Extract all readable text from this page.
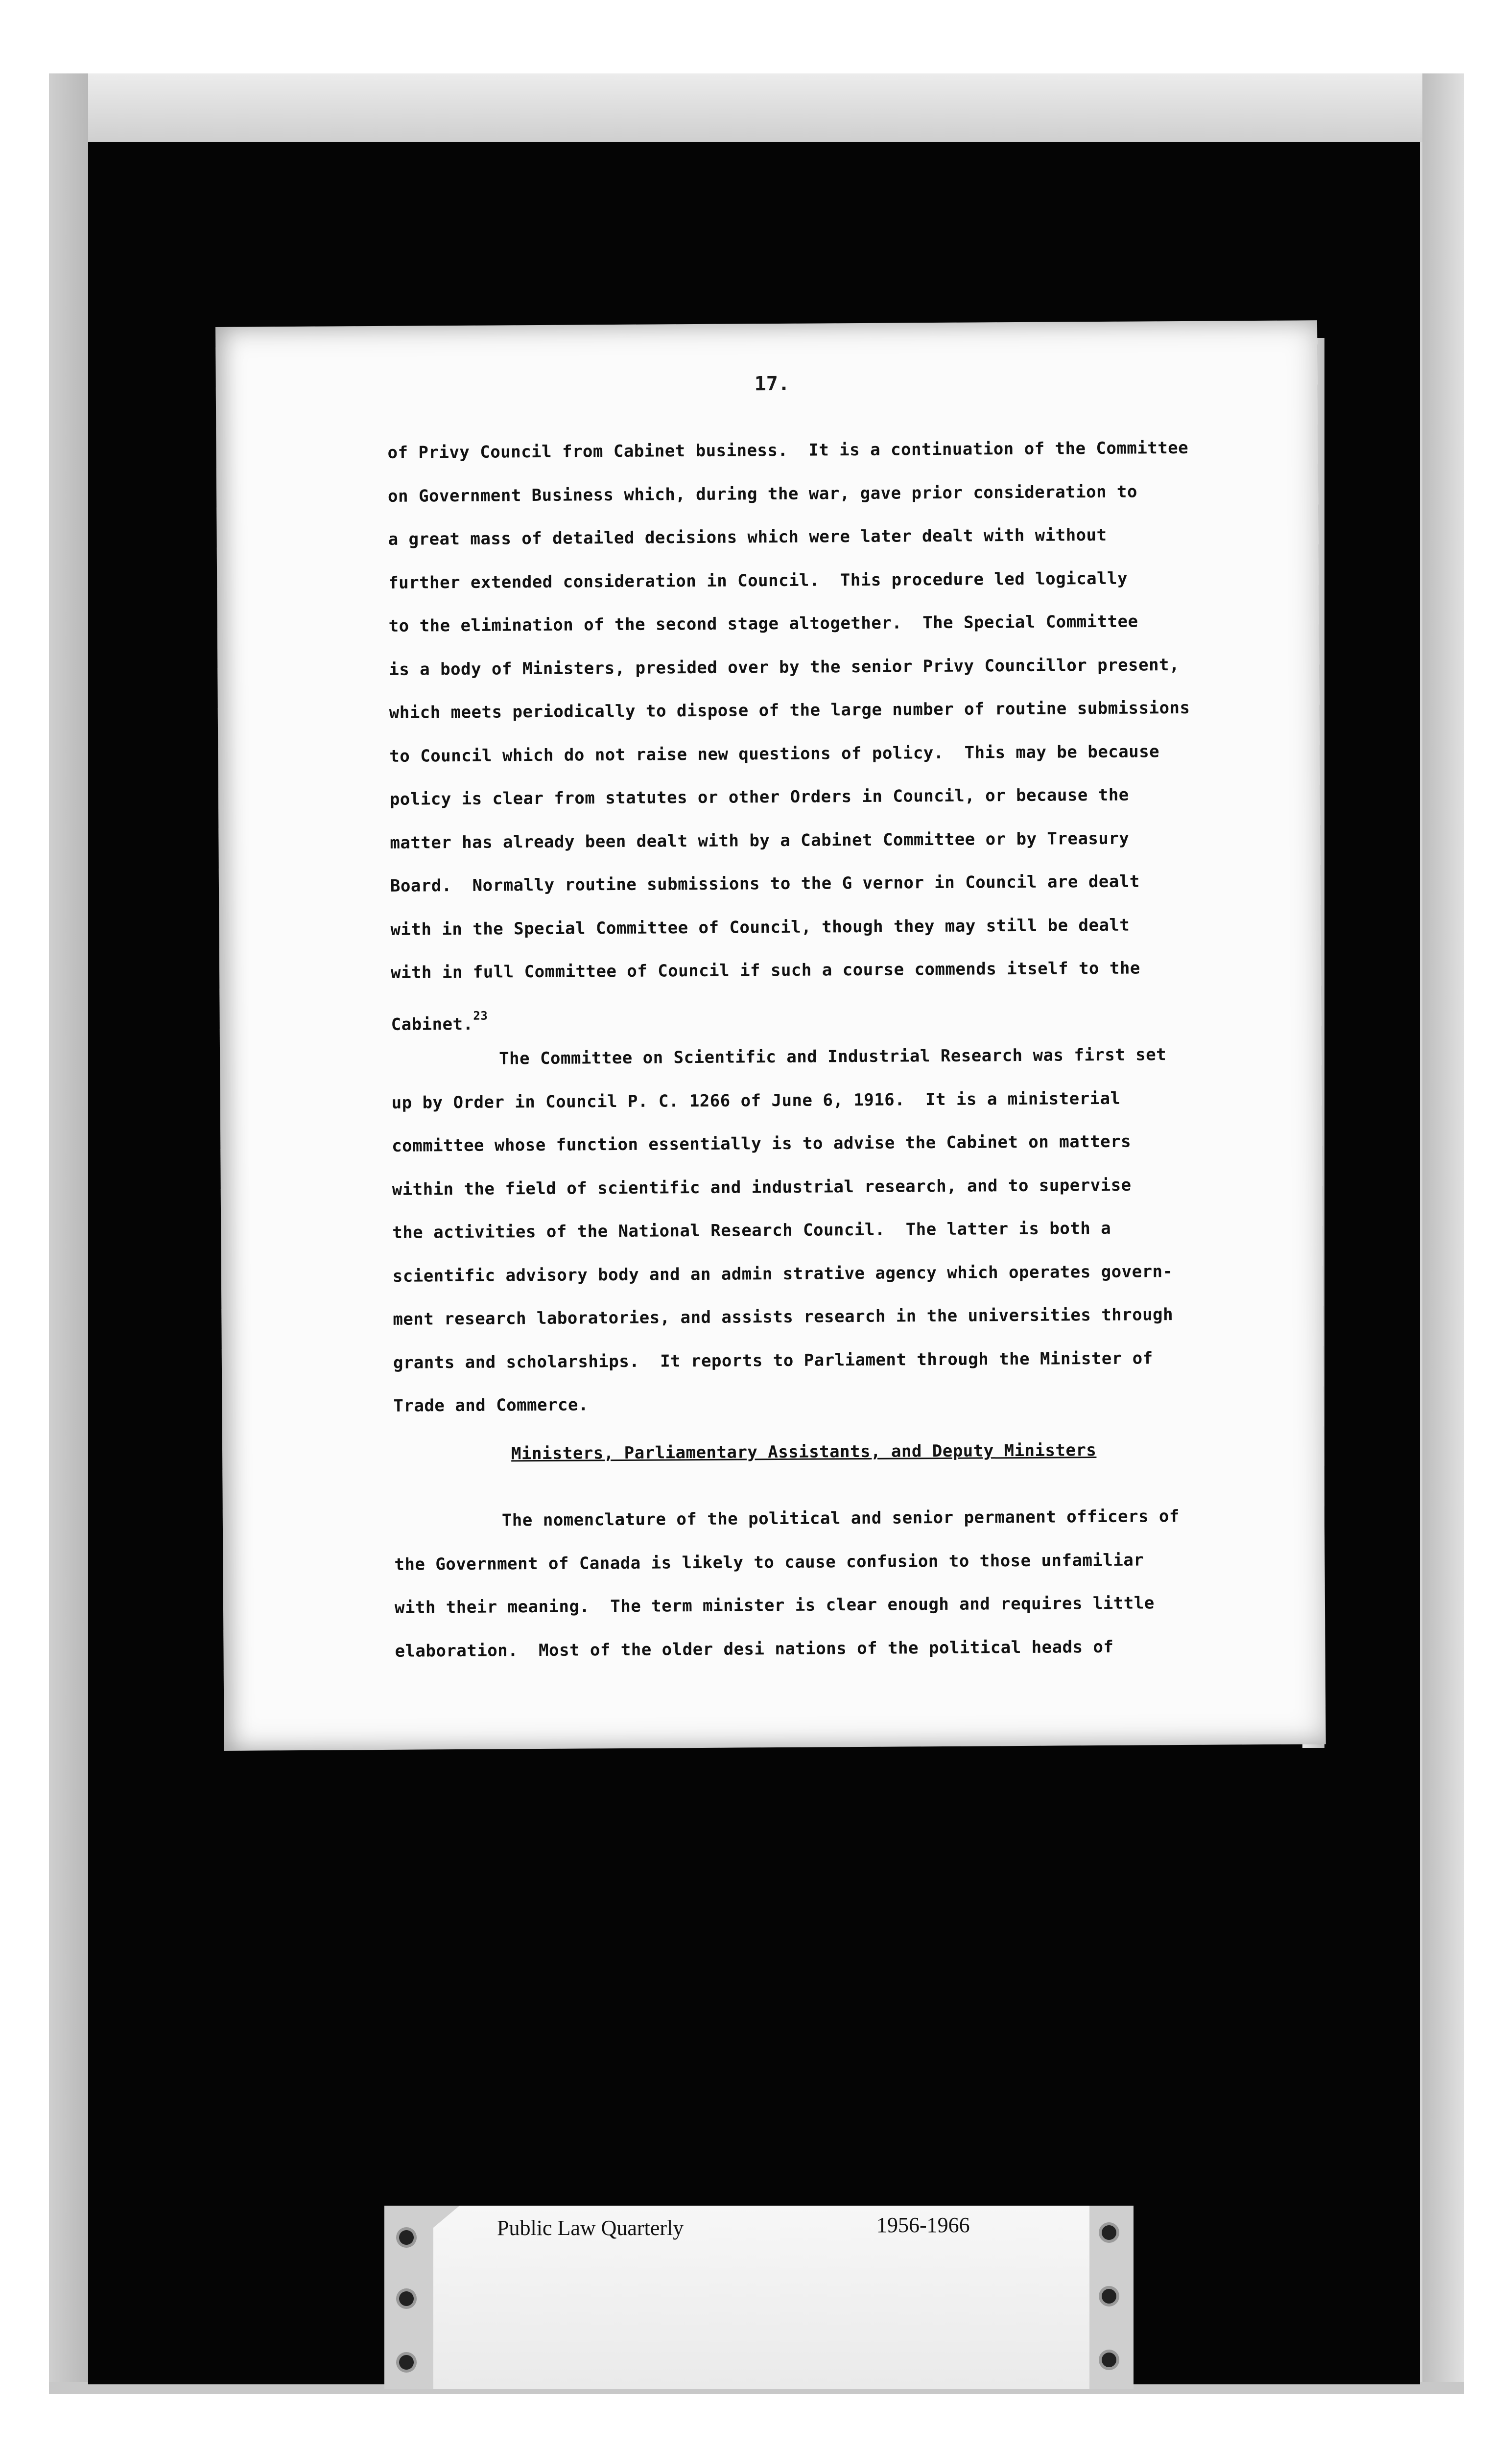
17.
of Privy Council from Cabinet business.  It is a continuation of the Committee
on Government Business which, during the war, gave prior consideration to
a great mass of detailed decisions which were later dealt with without
further extended consideration in Council.  This procedure led logically
to the elimination of the second stage altogether.  The Special Committee
is a body of Ministers, presided over by the senior Privy Councillor present,
which meets periodically to dispose of the large number of routine submissions
to Council which do not raise new questions of policy.  This may be because
policy is clear from statutes or other Orders in Council, or because the
matter has already been dealt with by a Cabinet Committee or by Treasury
Board.  Normally routine submissions to the G vernor in Council are dealt
with in the Special Committee of Council, though they may still be dealt
with in full Committee of Council if such a course commends itself to the
Cabinet.$^{23}$
The Committee on Scientific and Industrial Research was first set
up by Order in Council P. C. 1266 of June 6, 1916.  It is a ministerial
committee whose function essentially is to advise the Cabinet on matters
within the field of scientific and industrial research, and to supervise
the activities of the National Research Council.  The latter is both a
scientific advisory body and an admin strative agency which operates govern-
ment research laboratories, and assists research in the universities through
grants and scholarships.  It reports to Parliament through the Minister of
Trade and Commerce.
Ministers, Parliamentary Assistants, and Deputy Ministers
The nomenclature of the political and senior permanent officers of
the Government of Canada is likely to cause confusion to those unfamiliar
with their meaning.  The term minister is clear enough and requires little
elaboration.  Most of the older desi nations of the political heads of
Public Law Quarterly	1956-1966
